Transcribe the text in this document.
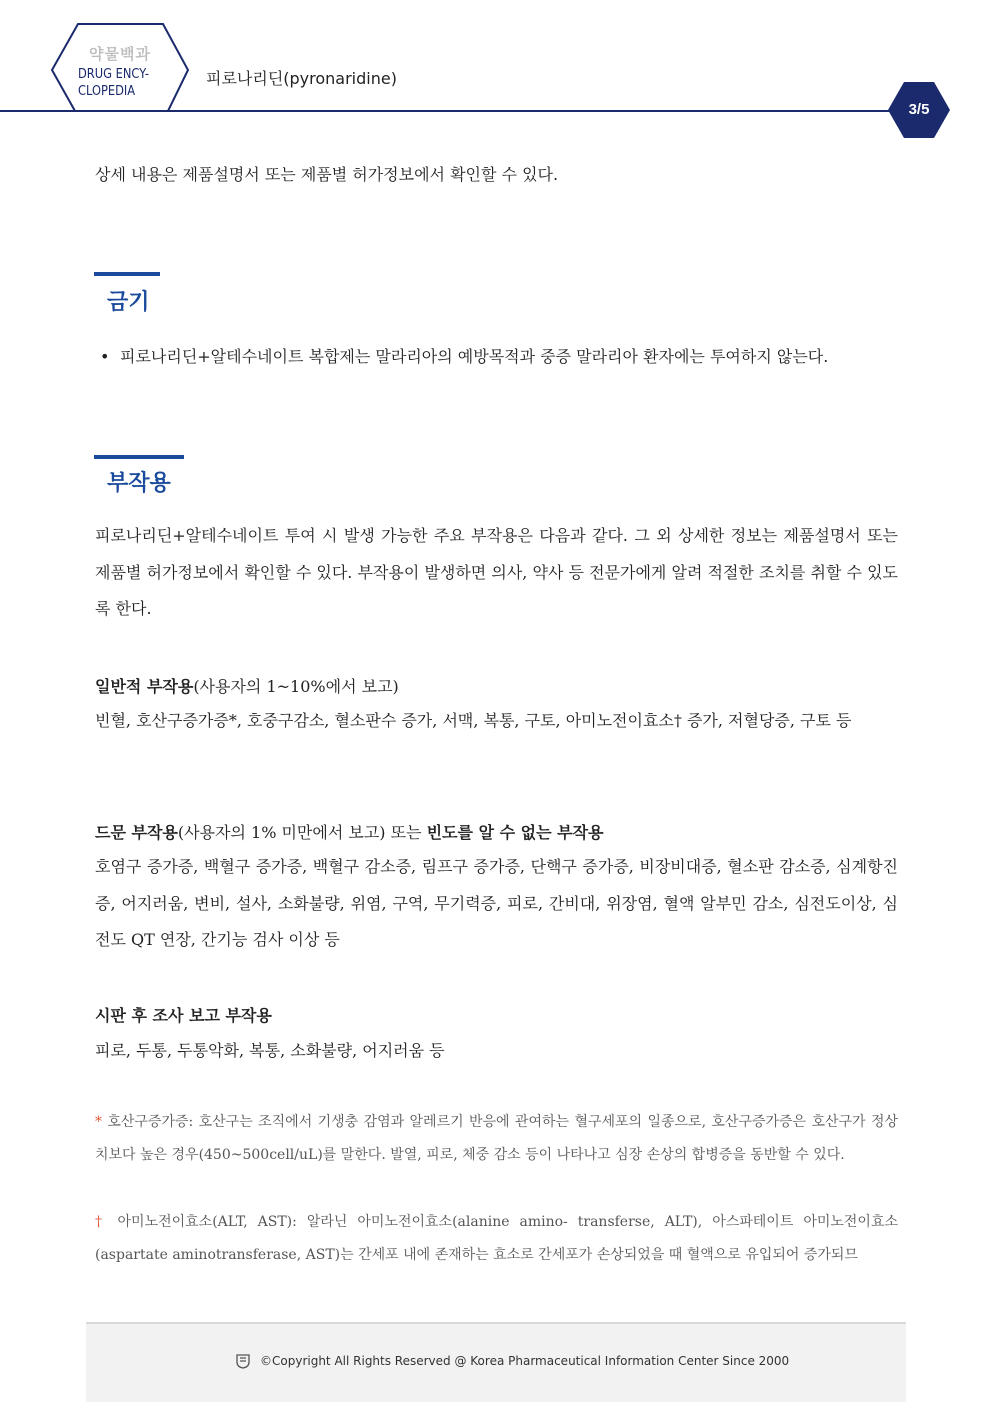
약물백과
DRUG ENCY-
CLOPEDIA
피로나리딘(pyronaridine)
3/5
상세 내용은 제품설명서 또는 제품별 허가정보에서 확인할 수 있다.
금기
• 피로나리딘+알테수네이트 복합제는 말라리아의 예방목적과 중증 말라리아 환자에는 투여하지 않는다.
부작용
피로나리딘+알테수네이트 투여 시 발생 가능한 주요 부작용은 다음과 같다. 그 외 상세한 정보는 제품설명서 또는 제품별 허가정보에서 확인할 수 있다. 부작용이 발생하면 의사, 약사 등 전문가에게 알려 적절한 조치를 취할 수 있도록 한다.
일반적 부작용(사용자의 1~10%에서 보고)
빈혈, 호산구증가증*, 호중구감소, 혈소판수 증가, 서맥, 복통, 구토, 아미노전이효소† 증가, 저혈당증, 구토 등
드문 부작용(사용자의 1% 미만에서 보고) 또는 빈도를 알 수 없는 부작용
호염구 증가증, 백혈구 증가증, 백혈구 감소증, 림프구 증가증, 단핵구 증가증, 비장비대증, 혈소판 감소증, 심계항진증, 어지러움, 변비, 설사, 소화불량, 위염, 구역, 무기력증, 피로, 간비대, 위장염, 혈액 알부민 감소, 심전도이상, 심전도 QT 연장, 간기능 검사 이상 등
시판 후 조사 보고 부작용
피로, 두통, 두통악화, 복통, 소화불량, 어지러움 등
* 호산구증가증: 호산구는 조직에서 기생충 감염과 알레르기 반응에 관여하는 혈구세포의 일종으로, 호산구증가증은 호산구가 정상치보다 높은 경우(450~500cell/uL)를 말한다. 발열, 피로, 체중 감소 등이 나타나고 심장 손상의 합병증을 동반할 수 있다.
† 아미노전이효소(ALT, AST): 알라닌 아미노전이효소(alanine amino- transferse, ALT), 아스파테이트 아미노전이효소(aspartate aminotransferase, AST)는 간세포 내에 존재하는 효소로 간세포가 손상되었을 때 혈액으로 유입되어 증가되므
©Copyright All Rights Reserved @ Korea Pharmaceutical Information Center Since 2000
